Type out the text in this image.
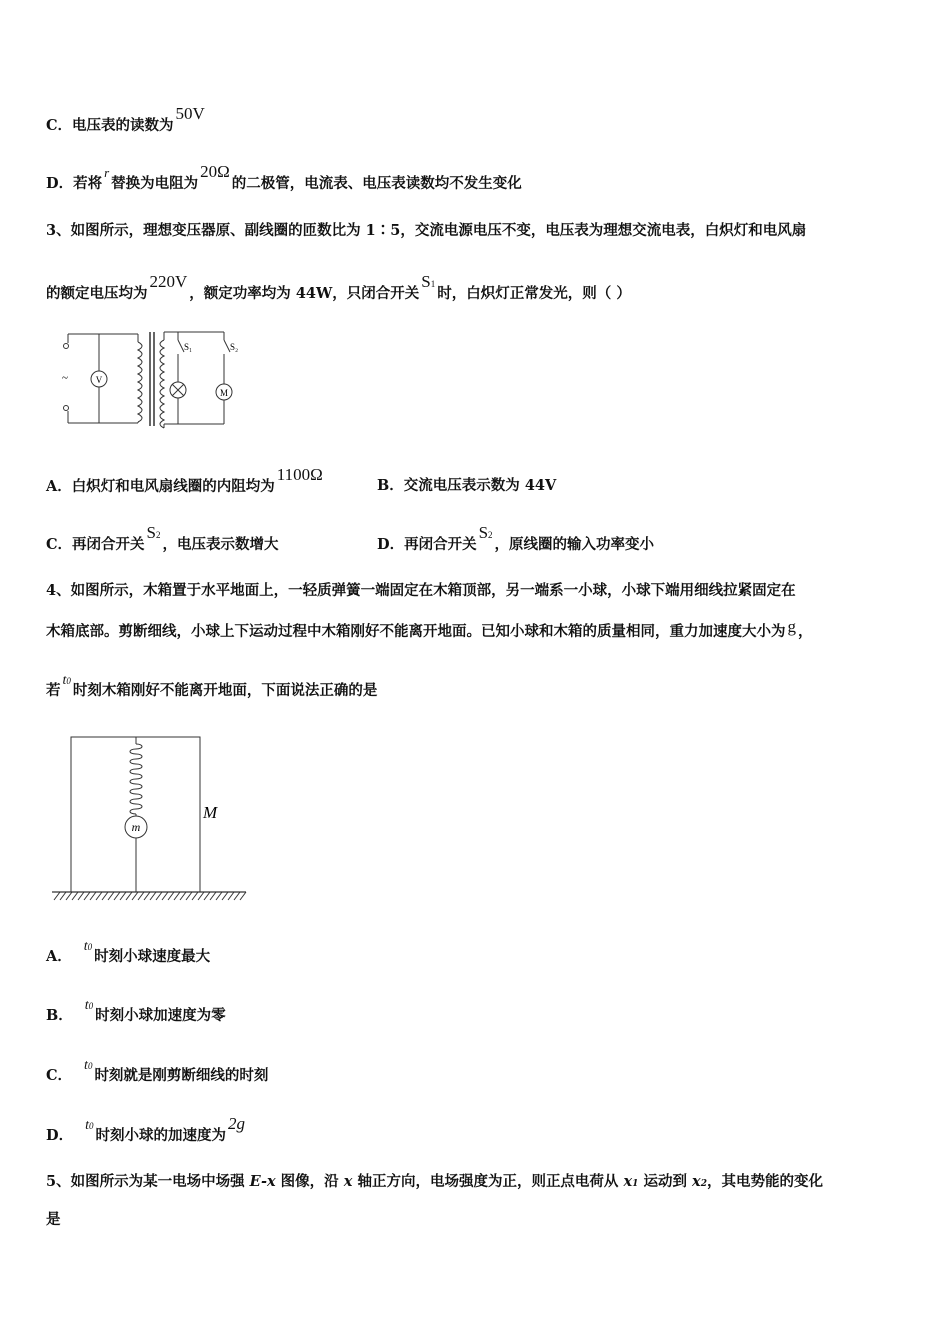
C．电压表的读数为50V
D．若将r替换为电阻为20Ω的二极管，电流表、电压表读数均不发生变化
3、如图所示，理想变压器原、副线圈的匝数比为 1∶5，交流电源电压不变，电压表为理想交流电表，白炽灯和电风扇
的额定电压均为220V，额定功率均为 44W，只闭合开关S1时，白炽灯正常发光，则（ ）
~	V
M
S₁	S₂
A．白炽灯和电风扇线圈的内阻均为1100Ω
B．交流电压表示数为 44V
C．再闭合开关S2，电压表示数增大	D．再闭合开关S2，原线圈的输入功率变小
4、如图所示，木箱置于水平地面上，一轻质弹簧一端固定在木箱顶部，另一端系一小球，小球下端用细线拉紧固定在
木箱底部。剪断细线，小球上下运动过程中木箱刚好不能离开地面。已知小球和木箱的质量相同，重力加速度大小为 g ，
若t0时刻木箱刚好不能离开地面，下面说法正确的是
m
M
A．t0时刻小球速度最大
B．t0时刻小球加速度为零
C．t0时刻就是刚剪断细线的时刻
D．t0时刻小球的加速度为2g
5、如图所示为某一电场中场强 E-x 图像，沿 x 轴正方向，电场强度为正，则正点电荷从 x1 运动到 x2，其电势能的变化
是
